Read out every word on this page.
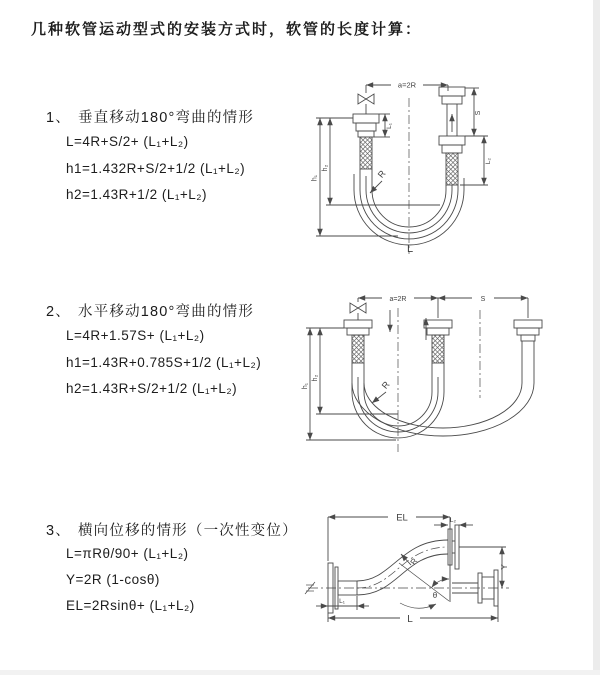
几种软管运动型式的安装方式时，软管的长度计算：
1、 垂直移动180°弯曲的情形
L=4R+S/2+ (L₁+L₂)
h1=1.432R+S/2+1/2 (L₁+L₂)
h2=1.43R+1/2 (L₁+L₂)
a=2R
h₁
h₂
L₁
S
L₂
R
L
2、 水平移动180°弯曲的情形
L=4R+1.57S+ (L₁+L₂)
h1=1.43R+0.785S+1/2 (L₁+L₂)
h2=1.43R+S/2+1/2 (L₁+L₂)
a=2R	S
h₁
h₂
R
3、 横向位移的情形（一次性变位）
L=πRθ/90+ (L₁+L₂)
Y=2R (1-cosθ)
EL=2Rsinθ+ (L₁+L₂)
EL	L₂
Y
L
L₁
R
θ
